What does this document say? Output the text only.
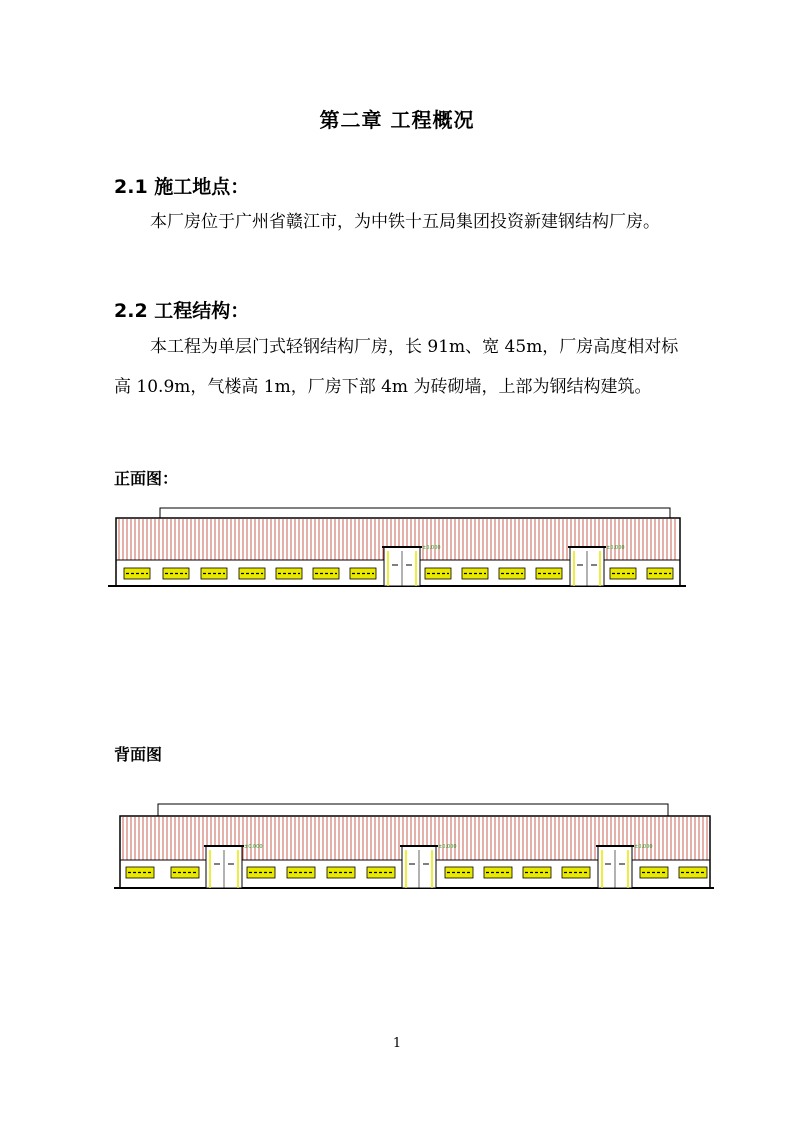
第二章 工程概况
2.1 施工地点：
本厂房位于广州省赣江市，为中铁十五局集团投资新建钢结构厂房。
2.2 工程结构：
本工程为单层门式轻钢结构厂房，长 91m、宽 45m，厂房高度相对标高 10.9m，气楼高 1m，厂房下部 4m 为砖砌墙，上部为钢结构建筑。
正面图：
±0.000	±0.000
背面图
±0.000	±0.000	±0.000
1
